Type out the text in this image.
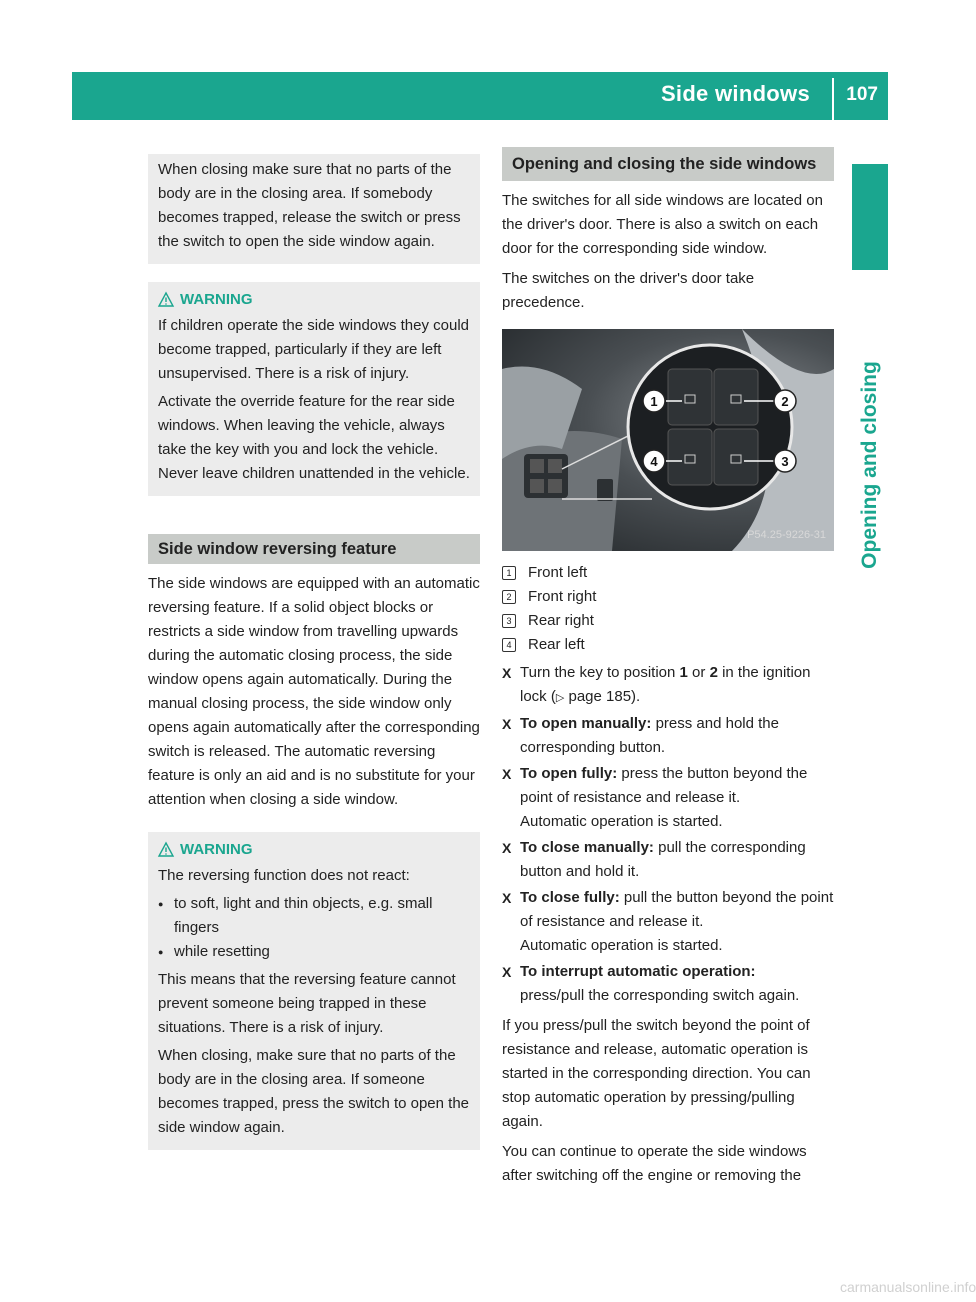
Side windows 107
Opening and closing

When closing make sure that no parts of the body are in the closing area. If somebody becomes trapped, release the switch or press the switch to open the side window again.

WARNING

If children operate the side windows they could become trapped, particularly if they are left unsupervised. There is a risk of injury.

Activate the override feature for the rear side windows. When leaving the vehicle, always take the key with you and lock the vehicle. Never leave children unattended in the vehicle.

Side window reversing feature

The side windows are equipped with an automatic reversing feature. If a solid object blocks or restricts a side window from travelling upwards during the automatic closing process, the side window opens again automatically. During the manual closing process, the side window only opens again automatically after the corresponding switch is released. The automatic reversing feature is only an aid and is no substitute for your attention when closing a side window.

WARNING

The reversing function does not react:

● to soft, light and thin objects, e.g. small fingers
● while resetting

This means that the reversing feature cannot prevent someone being trapped in these situations. There is a risk of injury.

When closing, make sure that no parts of the body are in the closing area. If someone becomes trapped, press the switch to open the side window again.

Opening and closing the side windows

The switches for all side windows are located on the driver's door. There is also a switch on each door for the corresponding side window.

The switches on the driver's door take precedence.

1	2
3
4
P54.25-9226-31
1	Front left
2	Front right
3	Rear right
4	Rear left
X Turn the key to position 1 or 2 in the ignition lock (▷ page 185).
X To open manually: press and hold the corresponding button.
X To open fully: press the button beyond the point of resistance and release it.
Automatic operation is started.
X To close manually: pull the corresponding button and hold it.
X To close fully: pull the button beyond the point of resistance and release it.
Automatic operation is started.
X To interrupt automatic operation:
press/pull the corresponding switch again.

If you press/pull the switch beyond the point of resistance and release, automatic operation is started in the corresponding direction. You can stop automatic operation by pressing/pulling again.

You can continue to operate the side windows after switching off the engine or removing the

carmanualsonline.info
